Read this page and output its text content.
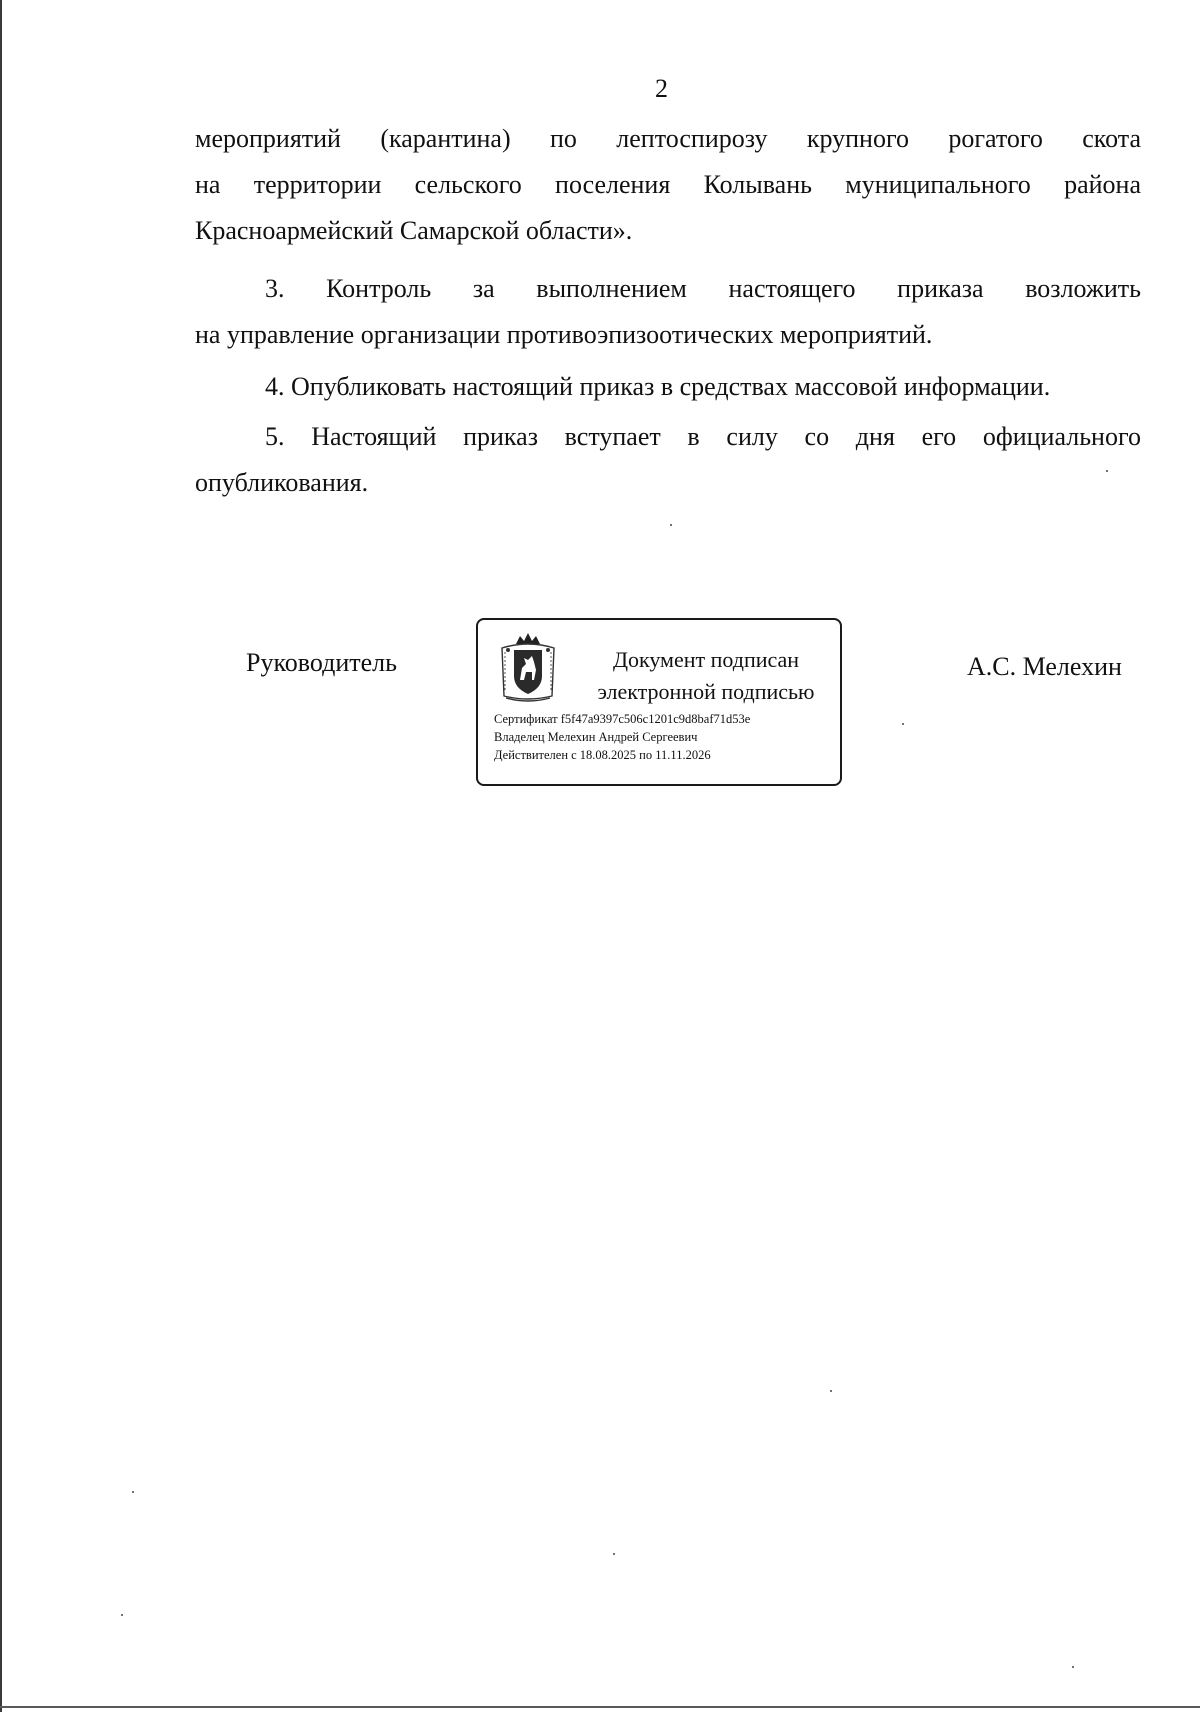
2
мероприятий (карантина) по лептоспирозу крупного рогатого скота
на территории сельского поселения Колывань муниципального района
Красноармейский Самарской области».
3. Контроль за выполнением настоящего приказа возложить
на управление организации противоэпизоотических мероприятий.
4. Опубликовать настоящий приказ в средствах массовой информации.
5. Настоящий приказ вступает в силу со дня его официального
опубликования.
Руководитель	Документ подписан
электронной подписью
Сертификат f5f47a9397c506c1201c9d8baf71d53e
Владелец Мелехин Андрей Сергеевич
Действителен с 18.08.2025 по 11.11.2026
А.С. Мелехин
